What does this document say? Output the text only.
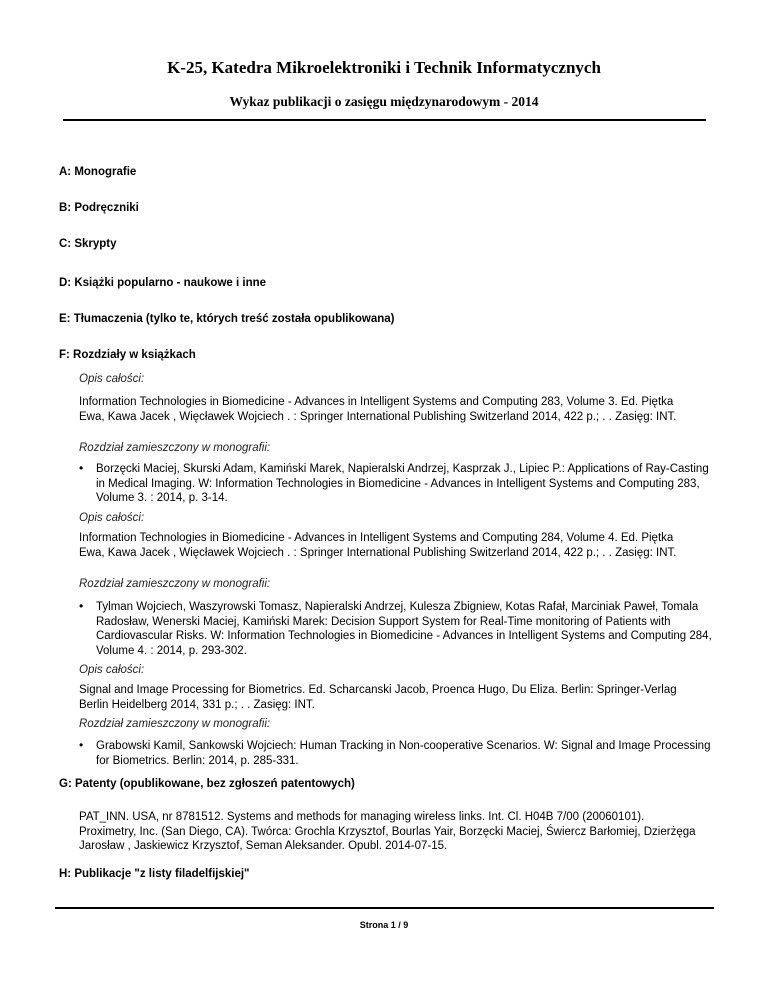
K-25, Katedra Mikroelektroniki i Technik Informatycznych
Wykaz publikacji o zasięgu międzynarodowym - 2014
A: Monografie
B: Podręczniki
C: Skrypty
D: Książki popularno - naukowe i inne
E: Tłumaczenia (tylko te, których treść została opublikowana)
F: Rozdziały w książkach
Opis całości:
Information Technologies in Biomedicine - Advances in Intelligent Systems and Computing 283, Volume 3. Ed. Piętka Ewa, Kawa Jacek , Więcławek Wojciech . : Springer International Publishing Switzerland 2014, 422 p.; . . Zasięg: INT.
Rozdział zamieszczony w monografii:
• Borzęcki Maciej, Skurski Adam, Kamiński Marek, Napieralski Andrzej, Kasprzak J., Lipiec P.: Applications of Ray-Casting in Medical Imaging. W: Information Technologies in Biomedicine - Advances in Intelligent Systems and Computing 283, Volume 3. : 2014, p. 3-14.
Opis całości:
Information Technologies in Biomedicine - Advances in Intelligent Systems and Computing 284, Volume 4. Ed. Piętka Ewa, Kawa Jacek , Więcławek Wojciech . : Springer International Publishing Switzerland 2014, 422 p.; . . Zasięg: INT.
Rozdział zamieszczony w monografii:
• Tylman Wojciech, Waszyrowski Tomasz, Napieralski Andrzej, Kulesza Zbigniew, Kotas Rafał, Marciniak Paweł, Tomala Radosław, Wenerski Maciej, Kamiński Marek: Decision Support System for Real-Time monitoring of Patients with Cardiovascular Risks. W: Information Technologies in Biomedicine - Advances in Intelligent Systems and Computing 284, Volume 4. : 2014, p. 293-302.
Opis całości:
Signal and Image Processing for Biometrics. Ed. Scharcanski Jacob, Proenca Hugo, Du Eliza. Berlin: Springer-Verlag Berlin Heidelberg 2014, 331 p.; . . Zasięg: INT.
Rozdział zamieszczony w monografii:
• Grabowski Kamil, Sankowski Wojciech: Human Tracking in Non-cooperative Scenarios. W: Signal and Image Processing for Biometrics. Berlin: 2014, p. 285-331.
G: Patenty (opublikowane, bez zgłoszeń patentowych)
PAT_INN. USA, nr 8781512. Systems and methods for managing wireless links. Int. Cl. H04B 7/00 (20060101). Proximetry, Inc. (San Diego, CA). Twórca: Grochla Krzysztof, Bourlas Yair, Borzęcki Maciej, Świercz Barłomiej, Dzierżęga Jarosław , Jaskiewicz Krzysztof, Seman Aleksander. Opubl. 2014-07-15.
H: Publikacje "z listy filadelfijskiej"
Strona 1 / 9
